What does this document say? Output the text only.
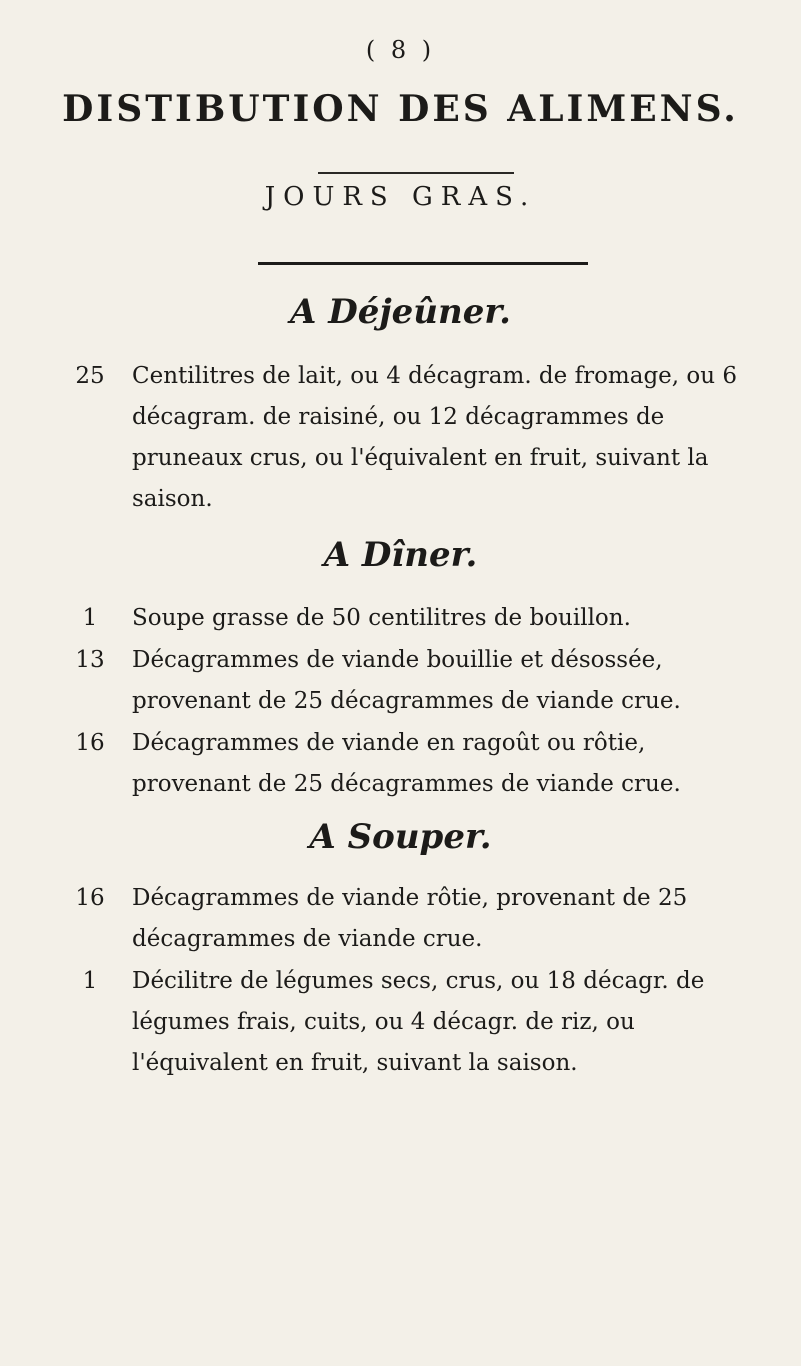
( 8 )
DISTIBUTION DES ALIMENS.
JOURS GRAS.
A Déjeûner.
25	Centilitres de lait, ou 4 décagram. de fromage, ou 6 décagram. de raisiné, ou 12 décagrammes de pruneaux crus, ou l'équivalent en fruit, suivant la saison.
A Dîner.
1	Soupe grasse de 50 centilitres de bouillon.
13	Décagrammes de viande bouillie et désossée, provenant de 25 décagrammes de viande crue.
16	Décagrammes de viande en ragoût ou rôtie, provenant de 25 décagrammes de viande crue.
A Souper.
16	Décagrammes de viande rôtie, provenant de 25 décagrammes de viande crue.
1	Décilitre de légumes secs, crus, ou 18 décagr. de légumes frais, cuits, ou 4 décagr. de riz, ou l'équivalent en fruit, suivant la saison.
